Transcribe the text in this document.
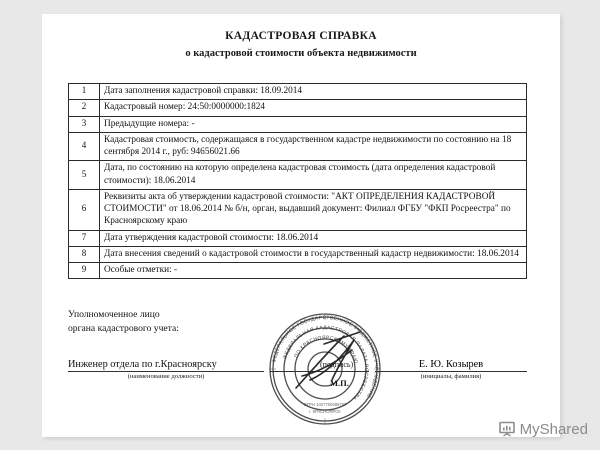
КАДАСТРОВАЯ СПРАВКА
о кадастровой стоимости объекта недвижимости
1	Дата заполнения кадастровой справки: 18.09.2014
2	Кадастровый номер: 24:50:0000000:1824
3	Предыдущие номера: -
4	Кадастровая стоимость, содержащаяся в государственном кадастре недвижимости по состоянию на 18 сентября 2014 г., руб: 94656021.66
5	Дата, по состоянию на которую определена кадастровая стоимость (дата определения кадастровой стоимости): 18.06.2014
6	Реквизиты акта об утверждении кадастровой стоимости: "АКТ ОПРЕДЕЛЕНИЯ КАДАСТРОВОЙ СТОИМОСТИ" от 18.06.2014 № б/н, орган, выдавший документ: Филиал ФГБУ "ФКП Росреестра" по Красноярскому краю
7	Дата утверждения кадастровой стоимости: 18.06.2014
8	Дата внесения сведений о кадастровой стоимости в государственный кадастр недвижимости: 18.06.2014
9	Особые отметки: -
Уполномоченное лицо
органа кадастрового учета:
Инженер отдела по г.Красноярску
(наименование должности)
Е. Ю. Козырев
(инициалы, фамилия)
ФЕДЕРАЛЬНОЕ ГОСУДАРСТВЕННОЕ БЮДЖЕТНОЕ УЧРЕЖДЕНИЕ
ФЕДЕРАЛЬНАЯ КАДАСТРОВАЯ ПАЛАТА РОСРЕЕСТРА
ПО КРАСНОЯРСКОМУ КРАЮ
ОГРН 1027700485757
г. КРАСНОЯРСК
(подпись)
М.П.
MyShared
